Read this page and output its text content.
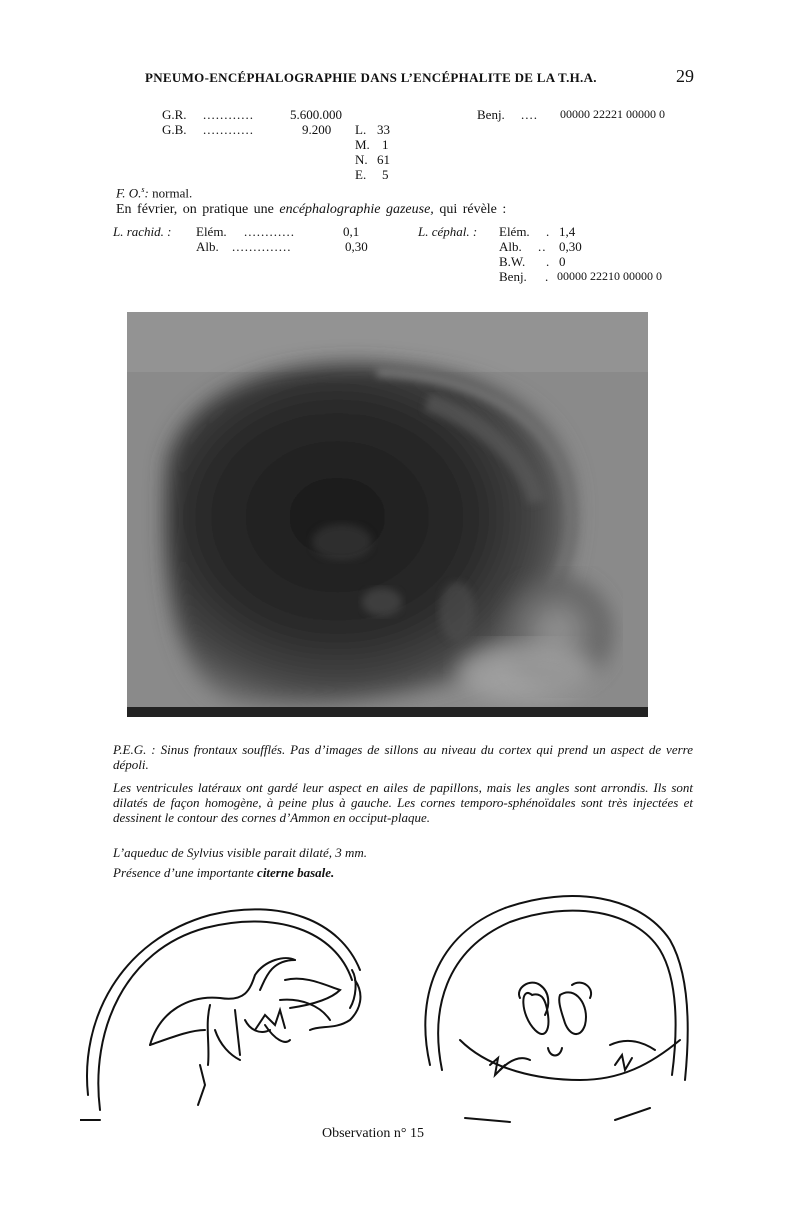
PNEUMO-ENCÉPHALOGRAPHIE DANS L’ENCÉPHALITE DE LA T.H.A.	29
G.R. ............	5.600.000
G.B. ............	9.200 L. 33
M. 1
N. 61
E. 5
Benj. .... 00000 22221 00000 0
F. O.$^s$: normal.
En février, on pratique une encéphalographie gazeuse, qui révèle :
L. rachid. : Elém. ............	0,1
Alb. ..............	0,30
L. céphal. : Elém. . 1,4
Alb. .. 0,30
B.W. . 0
Benj. . 00000 22210 00000 0
P.E.G. : Sinus frontaux soufflés. Pas d’images de sillons au niveau du cortex qui prend un aspect de verre dépoli.
Les ventricules latéraux ont gardé leur aspect en ailes de papillons, mais les angles sont arrondis. Ils sont dilatés de façon homogène, à peine plus à gauche. Les cornes temporo-sphénoïdales sont très injectées et dessinent le contour des cornes d’Ammon en occiput-plaque.
L’aqueduc de Sylvius visible parait dilaté, 3 mm.
Présence d’une importante citerne basale.
Observation n° 15
